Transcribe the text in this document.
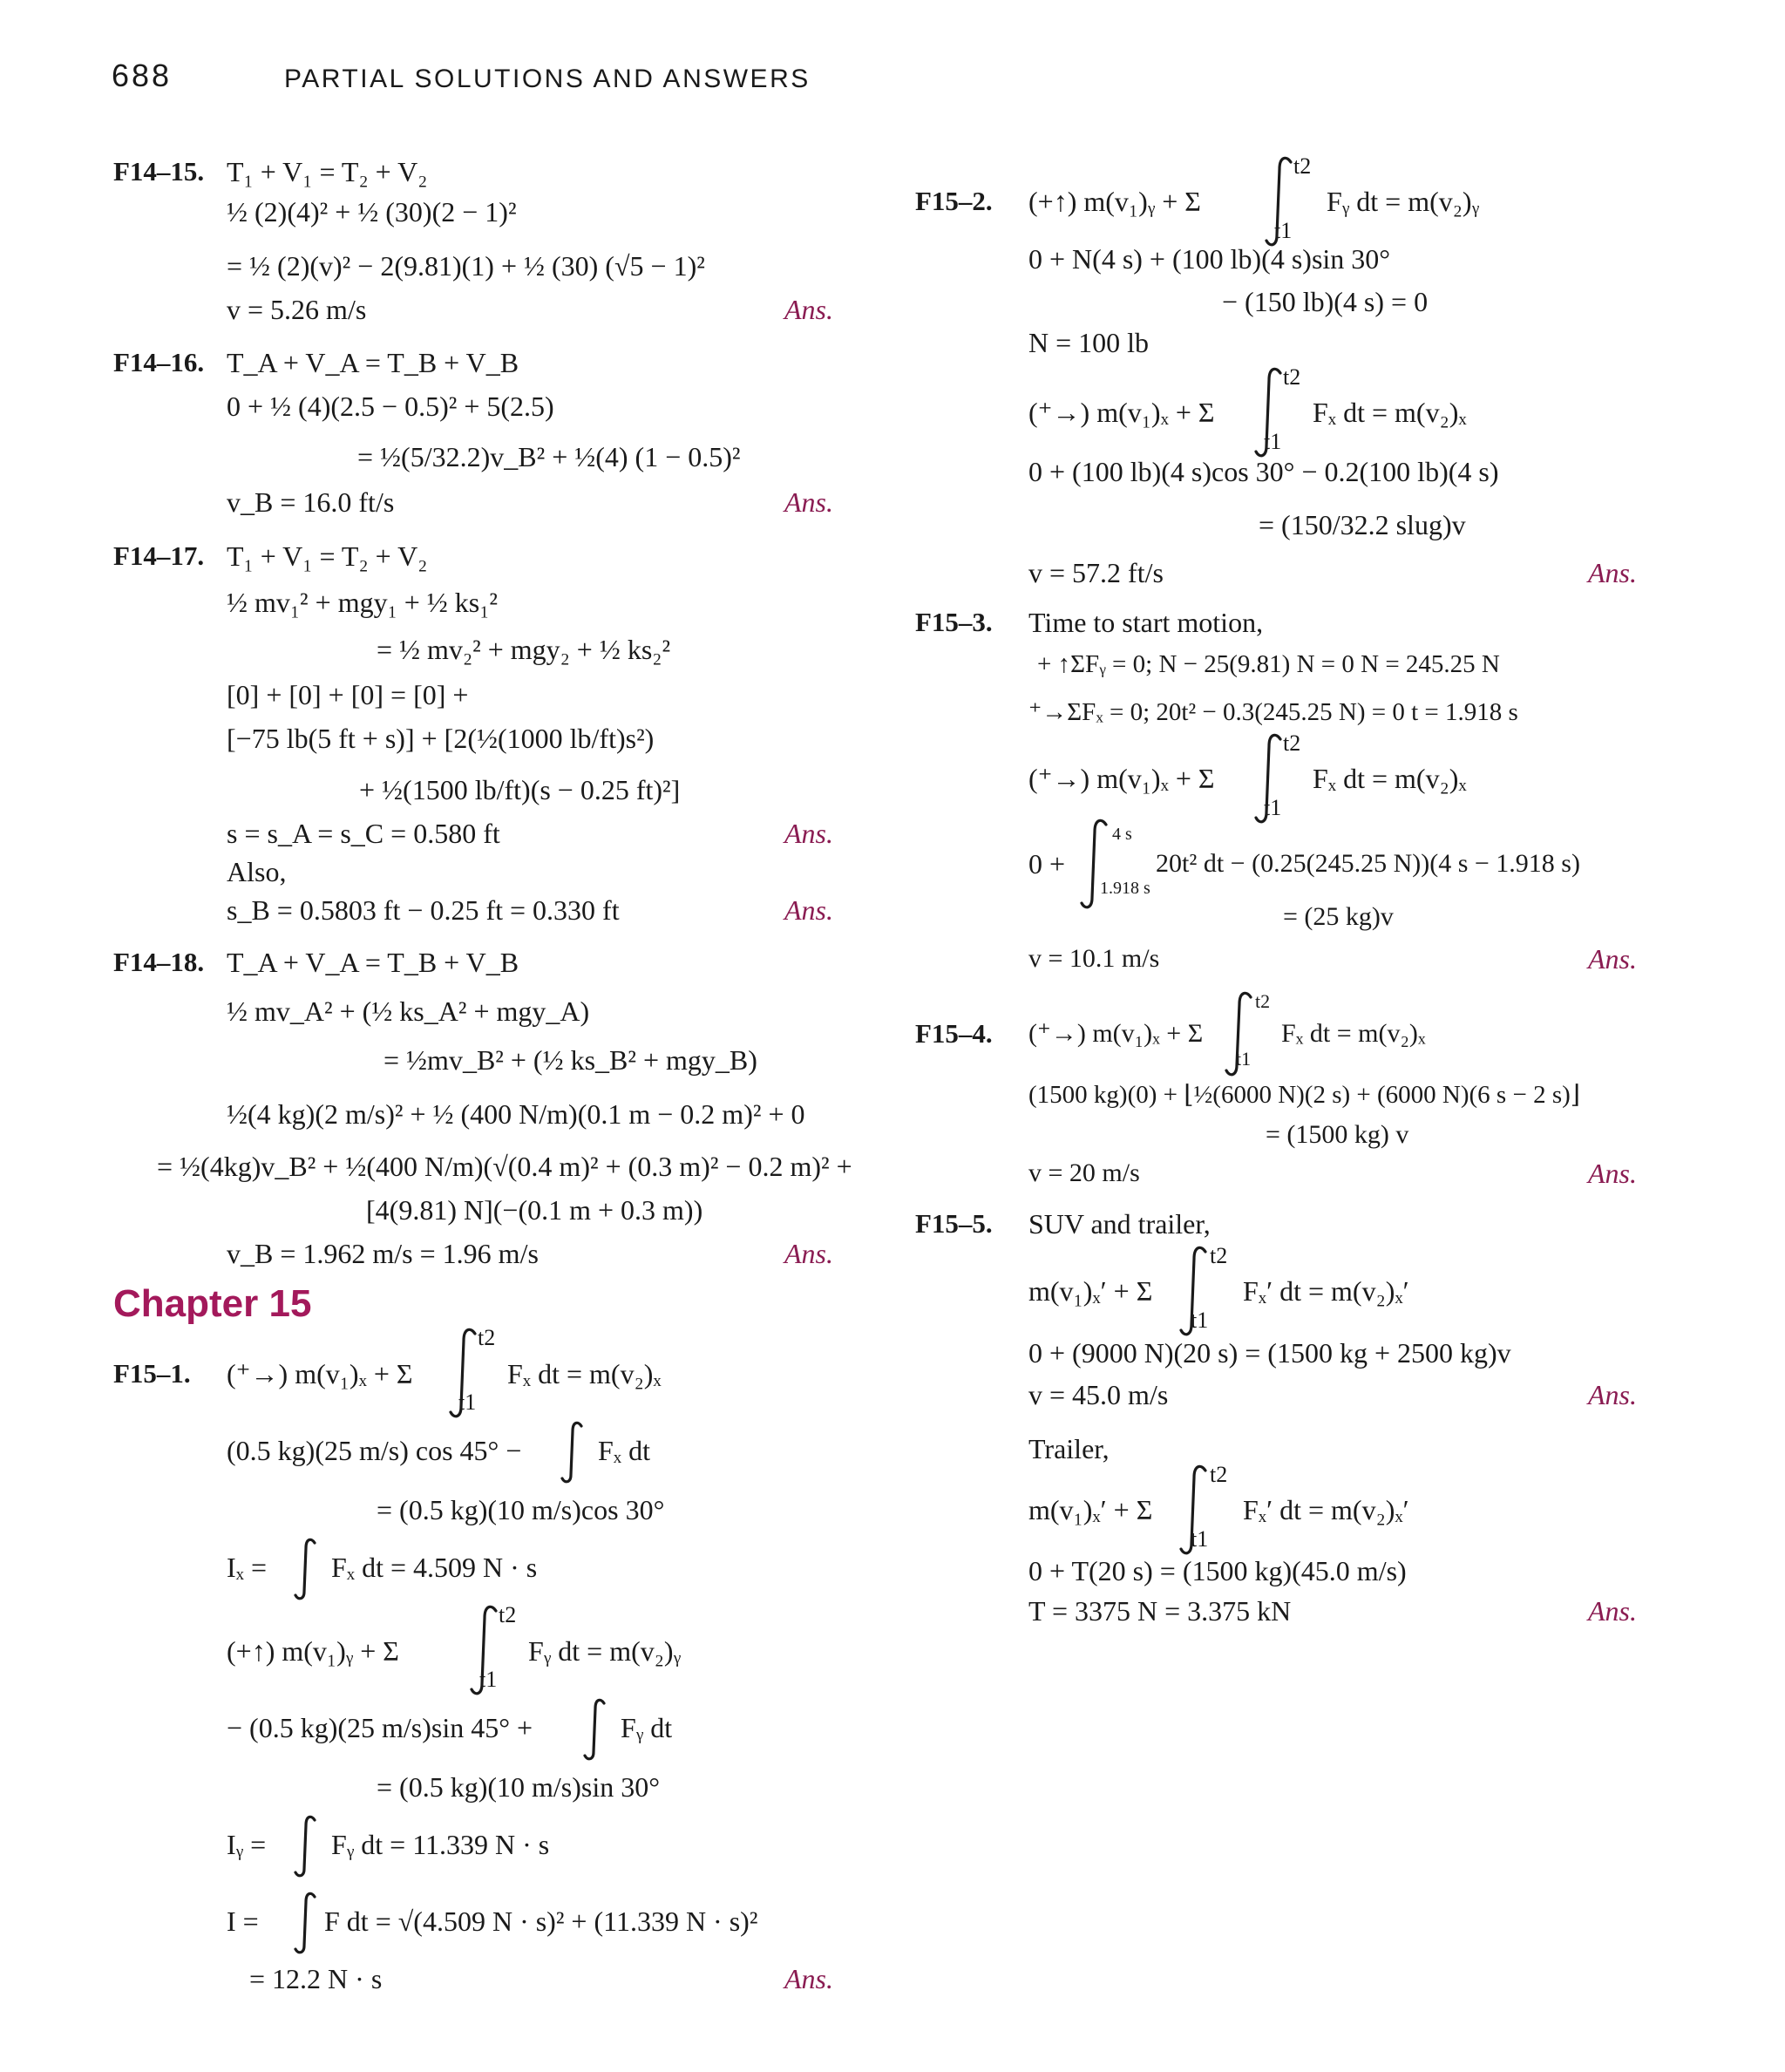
688	PARTIAL SOLUTIONS AND ANSWERS
F14–15. T₁ + V₁ = T₂ + V₂
½ (2)(4)² + ½ (30)(2 − 1)²
= ½ (2)(v)² − 2(9.81)(1) + ½ (30) (√5 − 1)²
v = 5.26 m/s	Ans.
F14–16. T_A + V_A = T_B + V_B
0 + ½ (4)(2.5 − 0.5)² + 5(2.5)
= ½(5/32.2)v_B² + ½(4) (1 − 0.5)²
v_B = 16.0 ft/s	Ans.
F14–17. T₁ + V₁ = T₂ + V₂
½ mv₁² + mgy₁ + ½ ks₁²
= ½ mv₂² + mgy₂ + ½ ks₂²
[0] + [0] + [0] = [0] +
[−75 lb(5 ft + s)] + [2(½(1000 lb/ft)s²)
+ ½(1500 lb/ft)(s − 0.25 ft)²]
s = s_A = s_C = 0.580 ft	Ans.
Also,
s_B = 0.5803 ft − 0.25 ft = 0.330 ft	Ans.
F14–18. T_A + V_A = T_B + V_B
½ mv_A² + (½ ks_A² + mgy_A)
= ½mv_B² + (½ ks_B² + mgy_B)
½(4 kg)(2 m/s)² + ½ (400 N/m)(0.1 m − 0.2 m)² + 0
= ½(4kg)v_B² + ½(400 N/m)(√(0.4 m)² + (0.3 m)² − 0.2 m)² +
[4(9.81) N](−(0.1 m + 0.3 m))
v_B = 1.962 m/s = 1.96 m/s	Ans.
Chapter 15
F15–1. (⁺→) m(v₁)ₓ + Σ
t2
t1
Fₓ dt = m(v₂)ₓ
(0.5 kg)(25 m/s) cos 45° −	Fₓ dt
= (0.5 kg)(10 m/s)cos 30°
Iₓ = Fₓ dt = 4.509 N · s
(+↑) m(v₁)ᵧ + Σ
t2
t1
Fᵧ dt = m(v₂)ᵧ
− (0.5 kg)(25 m/s)sin 45° +	Fᵧ dt
= (0.5 kg)(10 m/s)sin 30°
Iᵧ = Fᵧ dt = 11.339 N · s
I = F dt = √(4.509 N · s)² + (11.339 N · s)²
= 12.2 N · s	Ans.
F15–2. (+↑) m(v₁)ᵧ + Σ
t2
t1
Fᵧ dt = m(v₂)ᵧ
0 + N(4 s) + (100 lb)(4 s)sin 30°
− (150 lb)(4 s) = 0
N = 100 lb
(⁺→) m(v₁)ₓ + Σ
t2
t1
Fₓ dt = m(v₂)ₓ
0 + (100 lb)(4 s)cos 30° − 0.2(100 lb)(4 s)
= (150/32.2 slug)v
v = 57.2 ft/s	Ans.
F15–3. Time to start motion,
+ ↑ΣFᵧ = 0; N − 25(9.81) N = 0 N = 245.25 N
⁺→ΣFₓ = 0; 20t² − 0.3(245.25 N) = 0 t = 1.918 s
(⁺→) m(v₁)ₓ + Σ
t2
t1
Fₓ dt = m(v₂)ₓ
0 +
4 s
1.918 s
20t² dt − (0.25(245.25 N))(4 s − 1.918 s)
= (25 kg)v
v = 10.1 m/s	Ans.
F15–4. (⁺→) m(v₁)ₓ + Σ
t2
t1
Fₓ dt = m(v₂)ₓ
(1500 kg)(0) + ⌊½(6000 N)(2 s) + (6000 N)(6 s − 2 s)⌋
= (1500 kg) v
v = 20 m/s	Ans.
F15–5. SUV and trailer,
m(v₁)ₓ′ + Σ
t2
t1
Fₓ′ dt = m(v₂)ₓ′
0 + (9000 N)(20 s) = (1500 kg + 2500 kg)v
v = 45.0 m/s	Ans.
Trailer,
m(v₁)ₓ′ + Σ
t2
t1
Fₓ′ dt = m(v₂)ₓ′
0 + T(20 s) = (1500 kg)(45.0 m/s)
T = 3375 N = 3.375 kN	Ans.
